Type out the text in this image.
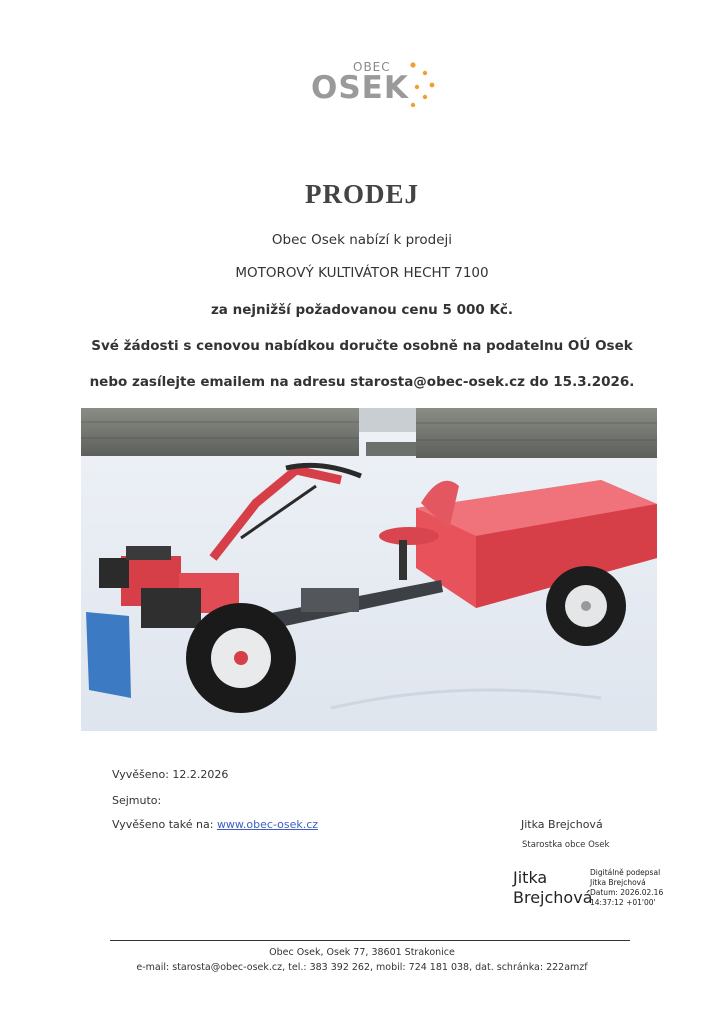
OBEC
OSEK
PRODEJ
Obec Osek nabízí k prodeji
MOTOROVÝ KULTIVÁTOR HECHT 7100
za nejnižší požadovanou cenu 5 000 Kč.
Své žádosti s cenovou nabídkou doručte osobně na podatelnu OÚ Osek
nebo zasílejte emailem na adresu starosta@obec-osek.cz do 15.3.2026.
Vyvěšeno: 12.2.2026
Sejmuto:
Vyvěšeno také na: www.obec-osek.cz	Jitka Brejchová
Starostka obce Osek
Jitka
Brejchová
Digitálně podepsal
Jitka Brejchová
Datum: 2026.02.16
14:37:12 +01'00'
Obec Osek, Osek 77, 38601 Strakonice
e-mail: starosta@obec-osek.cz, tel.: 383 392 262, mobil: 724 181 038, dat. schránka: 222amzf
